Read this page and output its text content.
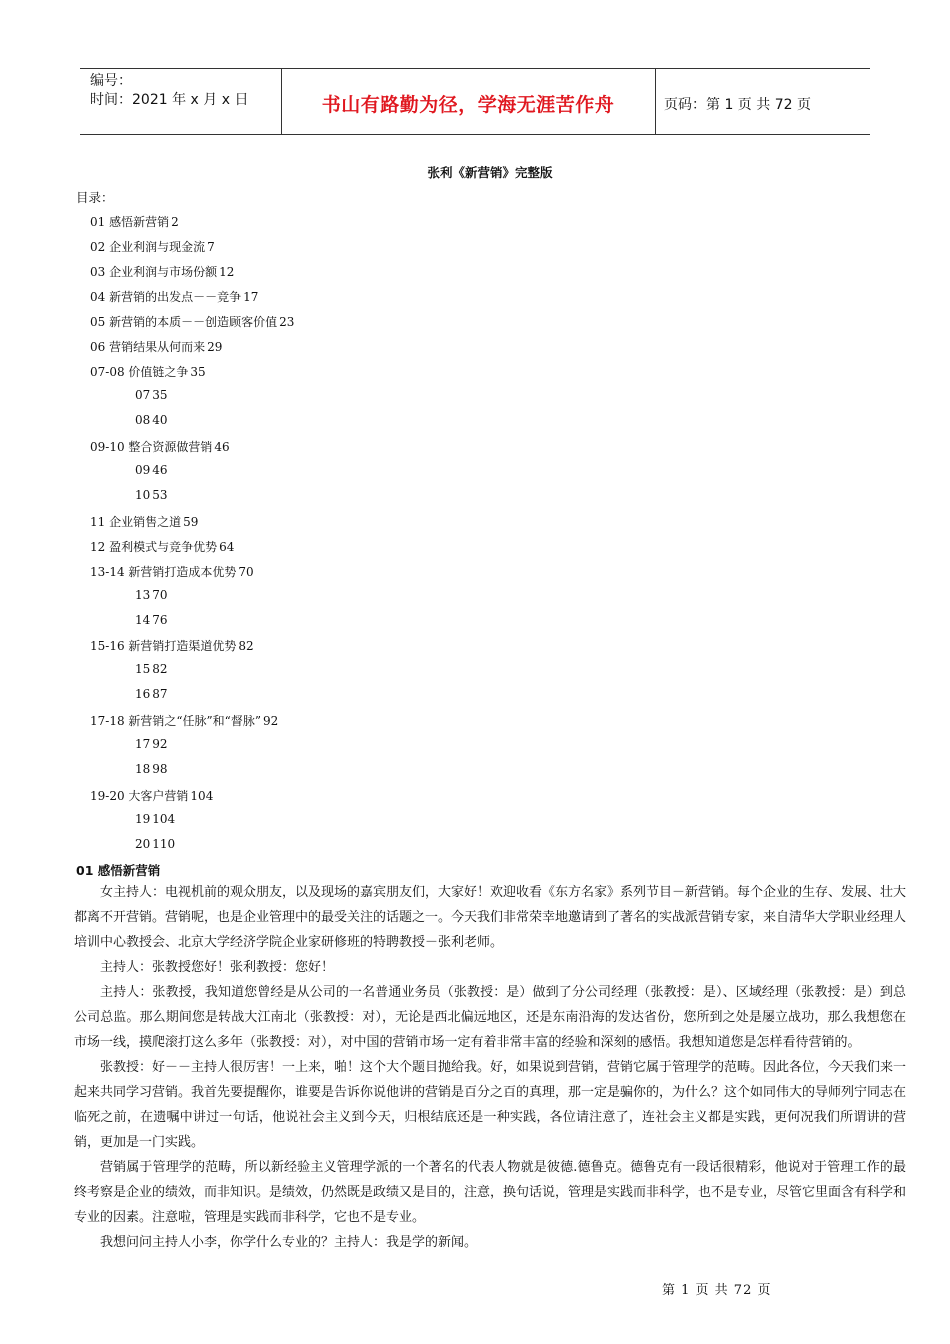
编号：
时间：2021 年 x 月 x 日	书山有路勤为径，学海无涯苦作舟	页码：第 1 页 共 72 页
张利《新营销》完整版
目录：
01 感悟新营销 2
02 企业利润与现金流 7
03 企业利润与市场份额 12
04 新营销的出发点－－竞争 17
05 新营销的本质－－创造顾客价值 23
06 营销结果从何而来 29
07-08 价值链之争 35
07 35
08 40
09-10 整合资源做营销 46
09 46
10 53
11 企业销售之道 59
12 盈利模式与竞争优势 64
13-14 新营销打造成本优势 70
13 70
14 76
15-16 新营销打造渠道优势 82
15 82
16 87
17-18 新营销之“任脉”和“督脉” 92
17 92
18 98
19-20 大客户营销 104
19 104
20 110
01 感悟新营销

女主持人：电视机前的观众朋友，以及现场的嘉宾朋友们，大家好！欢迎收看《东方名家》系列节目－新营销。每个企业的生存、发展、壮大都离不开营销。营销呢，也是企业管理中的最受关注的话题之一。今天我们非常荣幸地邀请到了著名的实战派营销专家，来自清华大学职业经理人培训中心教授会、北京大学经济学院企业家研修班的特聘教授－张利老师。

主持人：张教授您好！张利教授：您好！

主持人：张教授，我知道您曾经是从公司的一名普通业务员（张教授：是）做到了分公司经理（张教授：是）、区域经理（张教授：是）到总公司总监。那么期间您是转战大江南北（张教授：对），无论是西北偏远地区，还是东南沿海的发达省份，您所到之处是屡立战功，那么我想您在市场一线，摸爬滚打这么多年（张教授：对），对中国的营销市场一定有着非常丰富的经验和深刻的感悟。我想知道您是怎样看待营销的。

张教授：好－－主持人很厉害！一上来，啪！这个大个题目抛给我。好，如果说到营销，营销它属于管理学的范畴。因此各位，今天我们来一起来共同学习营销。我首先要提醒你，谁要是告诉你说他讲的营销是百分之百的真理，那一定是骗你的，为什么？这个如同伟大的导师列宁同志在临死之前，在遗嘱中讲过一句话，他说社会主义到今天，归根结底还是一种实践，各位请注意了，连社会主义都是实践，更何况我们所谓讲的营销，更加是一门实践。

营销属于管理学的范畴，所以新经验主义管理学派的一个著名的代表人物就是彼德.德鲁克。德鲁克有一段话很精彩，他说对于管理工作的最终考察是企业的绩效，而非知识。是绩效，仍然既是政绩又是目的，注意，换句话说，管理是实践而非科学，也不是专业，尽管它里面含有科学和专业的因素。注意啦，管理是实践而非科学，它也不是专业。

我想问问主持人小李，你学什么专业的？主持人：我是学的新闻。

第 1 页 共 72 页
